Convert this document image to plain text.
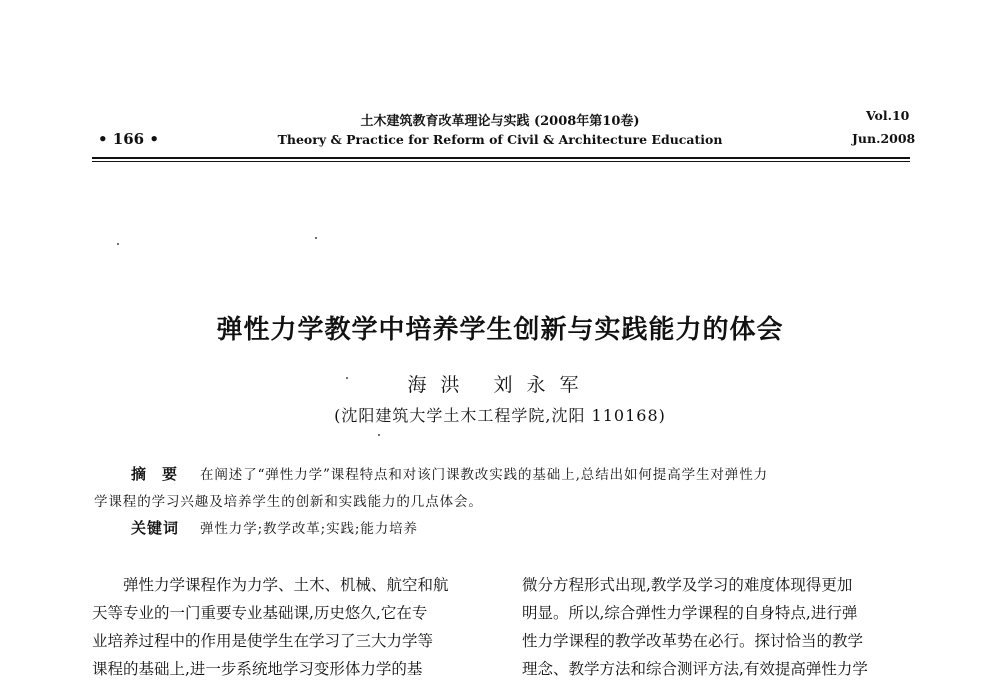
土木建筑教育改革理论与实践 (2008年第10卷)
Theory & Practice for Reform of Civil & Architecture Education
• 166 •
Vol.10
Jun.2008
弹性力学教学中培养学生创新与实践能力的体会
海洪 刘永军
(沈阳建筑大学土木工程学院,沈阳 110168)
摘要 在阐述了“弹性力学”课程特点和对该门课教改实践的基础上,总结出如何提高学生对弹性力
学课程的学习兴趣及培养学生的创新和实践能力的几点体会。
关键词 弹性力学;教学改革;实践;能力培养
弹性力学课程作为力学、土木、机械、航空和航
天等专业的一门重要专业基础课,历史悠久,它在专
业培养过程中的作用是使学生在学习了三大力学等
课程的基础上,进一步系统地学习变形体力学的基
微分方程形式出现,教学及学习的难度体现得更加
明显。所以,综合弹性力学课程的自身特点,进行弹
性力学课程的教学改革势在必行。探讨恰当的教学
理念、教学方法和综合测评方法,有效提高弹性力学
